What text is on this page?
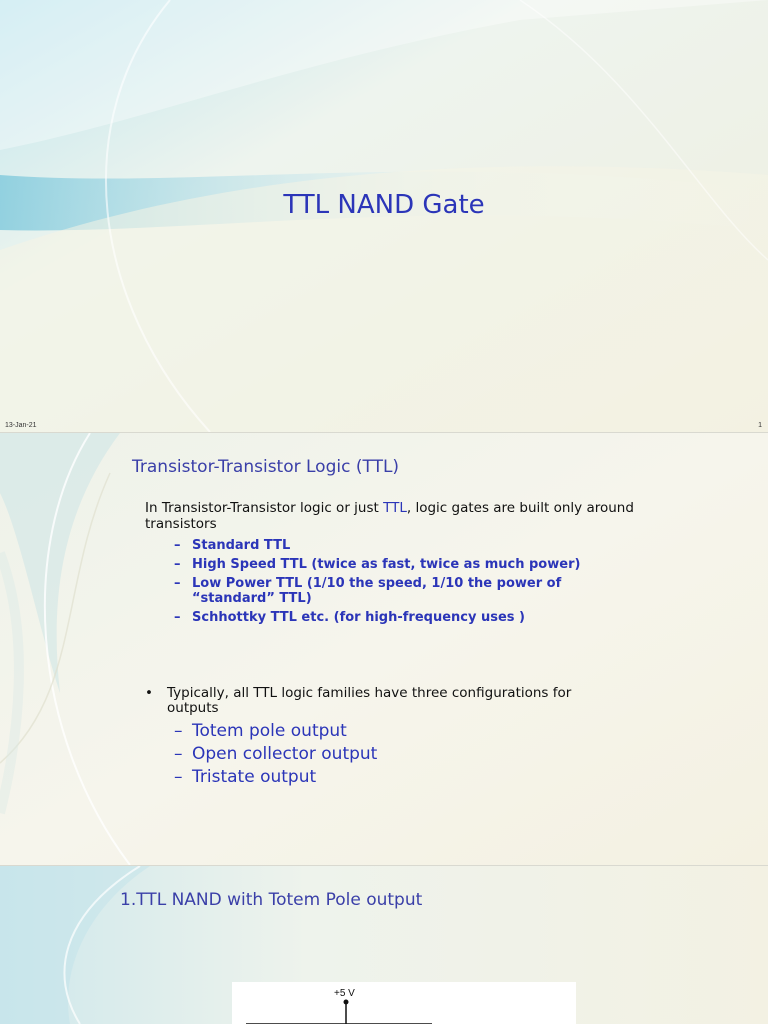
TTL NAND Gate
13-Jan-21	1
Transistor-Transistor Logic (TTL)
In Transistor-Transistor logic or just TTL, logic gates are built only around transistors
– Standard TTL
– High Speed TTL (twice as fast, twice as much power)
– Low Power TTL (1/10 the speed, 1/10 the power of “standard” TTL)
– Schhottky TTL etc. (for high-frequency uses )
•	Typically, all TTL logic families have three configurations for outputs
– Totem pole output
– Open collector output
– Tristate output
1.TTL NAND with Totem Pole output
+5 V
